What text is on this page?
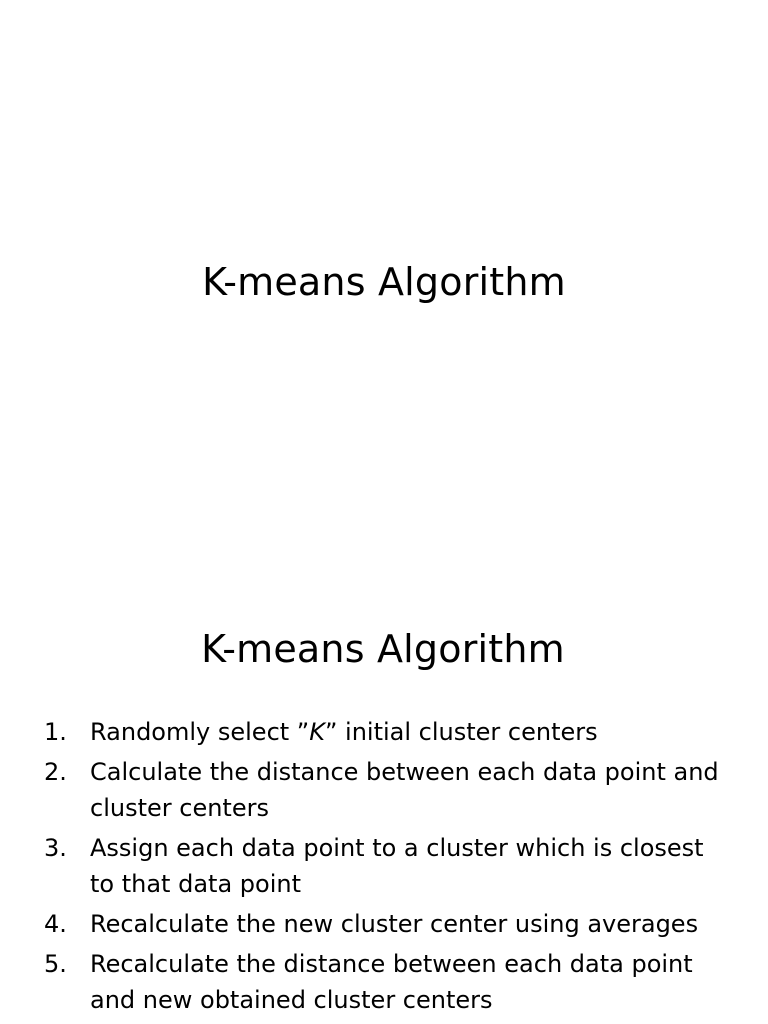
K-means Algorithm
K-means Algorithm
1. Randomly select ”K” initial cluster centers
2. Calculate the distance between each data point and cluster centers
3. Assign each data point to a cluster which is closest to that data point
4. Recalculate the new cluster center using averages
5. Recalculate the distance between each data point and new obtained cluster centers
